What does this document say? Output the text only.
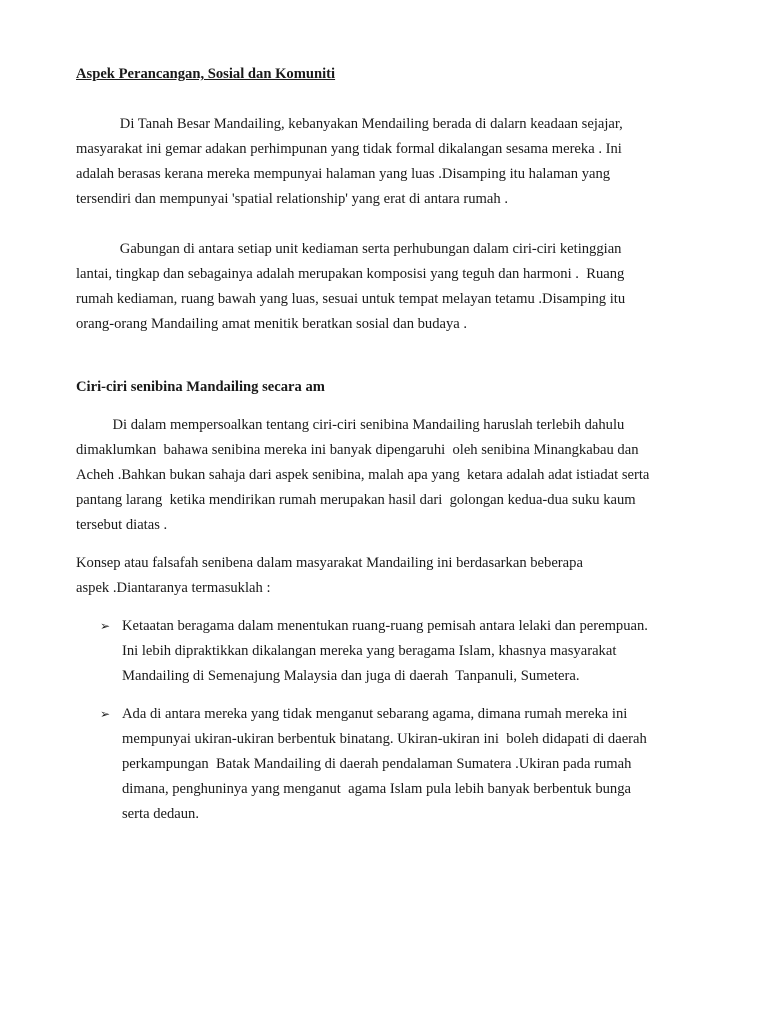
Aspek Perancangan, Sosial dan Komuniti
Di Tanah Besar Mandailing, kebanyakan Mendailing berada di dalarn keadaan sejajar,
masyarakat ini gemar adakan perhimpunan yang tidak formal dikalangan sesama mereka . Ini
adalah berasas kerana mereka mempunyai halaman yang luas .Disamping itu halaman yang
tersendiri dan mempunyai 'spatial relationship' yang erat di antara rumah .
Gabungan di antara setiap unit kediaman serta perhubungan dalam ciri-ciri ketinggian
lantai, tingkap dan sebagainya adalah merupakan komposisi yang teguh dan harmoni .  Ruang
rumah kediaman, ruang bawah yang luas, sesuai untuk tempat melayan tetamu .Disamping itu
orang-orang Mandailing amat menitik beratkan sosial dan budaya .
Ciri-ciri senibina Mandailing secara am
Di dalam mempersoalkan tentang ciri-ciri senibina Mandailing haruslah terlebih dahulu
dimaklumkan  bahawa senibina mereka ini banyak dipengaruhi  oleh senibina Minangkabau dan
Acheh .Bahkan bukan sahaja dari aspek senibina, malah apa yang  ketara adalah adat istiadat serta
pantang larang  ketika mendirikan rumah merupakan hasil dari  golongan kedua-dua suku kaum
tersebut diatas .
Konsep atau falsafah senibena dalam masyarakat Mandailing ini berdasarkan beberapa
aspek .Diantaranya termasuklah :
➢ Ketaatan beragama dalam menentukan ruang-ruang pemisah antara lelaki dan perempuan.
Ini lebih dipraktikkan dikalangan mereka yang beragama Islam, khasnya masyarakat
Mandailing di Semenajung Malaysia dan juga di daerah  Tanpanuli, Sumetera.
➢ Ada di antara mereka yang tidak menganut sebarang agama, dimana rumah mereka ini
mempunyai ukiran-ukiran berbentuk binatang. Ukiran-ukiran ini  boleh didapati di daerah
perkampungan  Batak Mandailing di daerah pendalaman Sumatera .Ukiran pada rumah
dimana, penghuninya yang menganut  agama Islam pula lebih banyak berbentuk bunga
serta dedaun.
